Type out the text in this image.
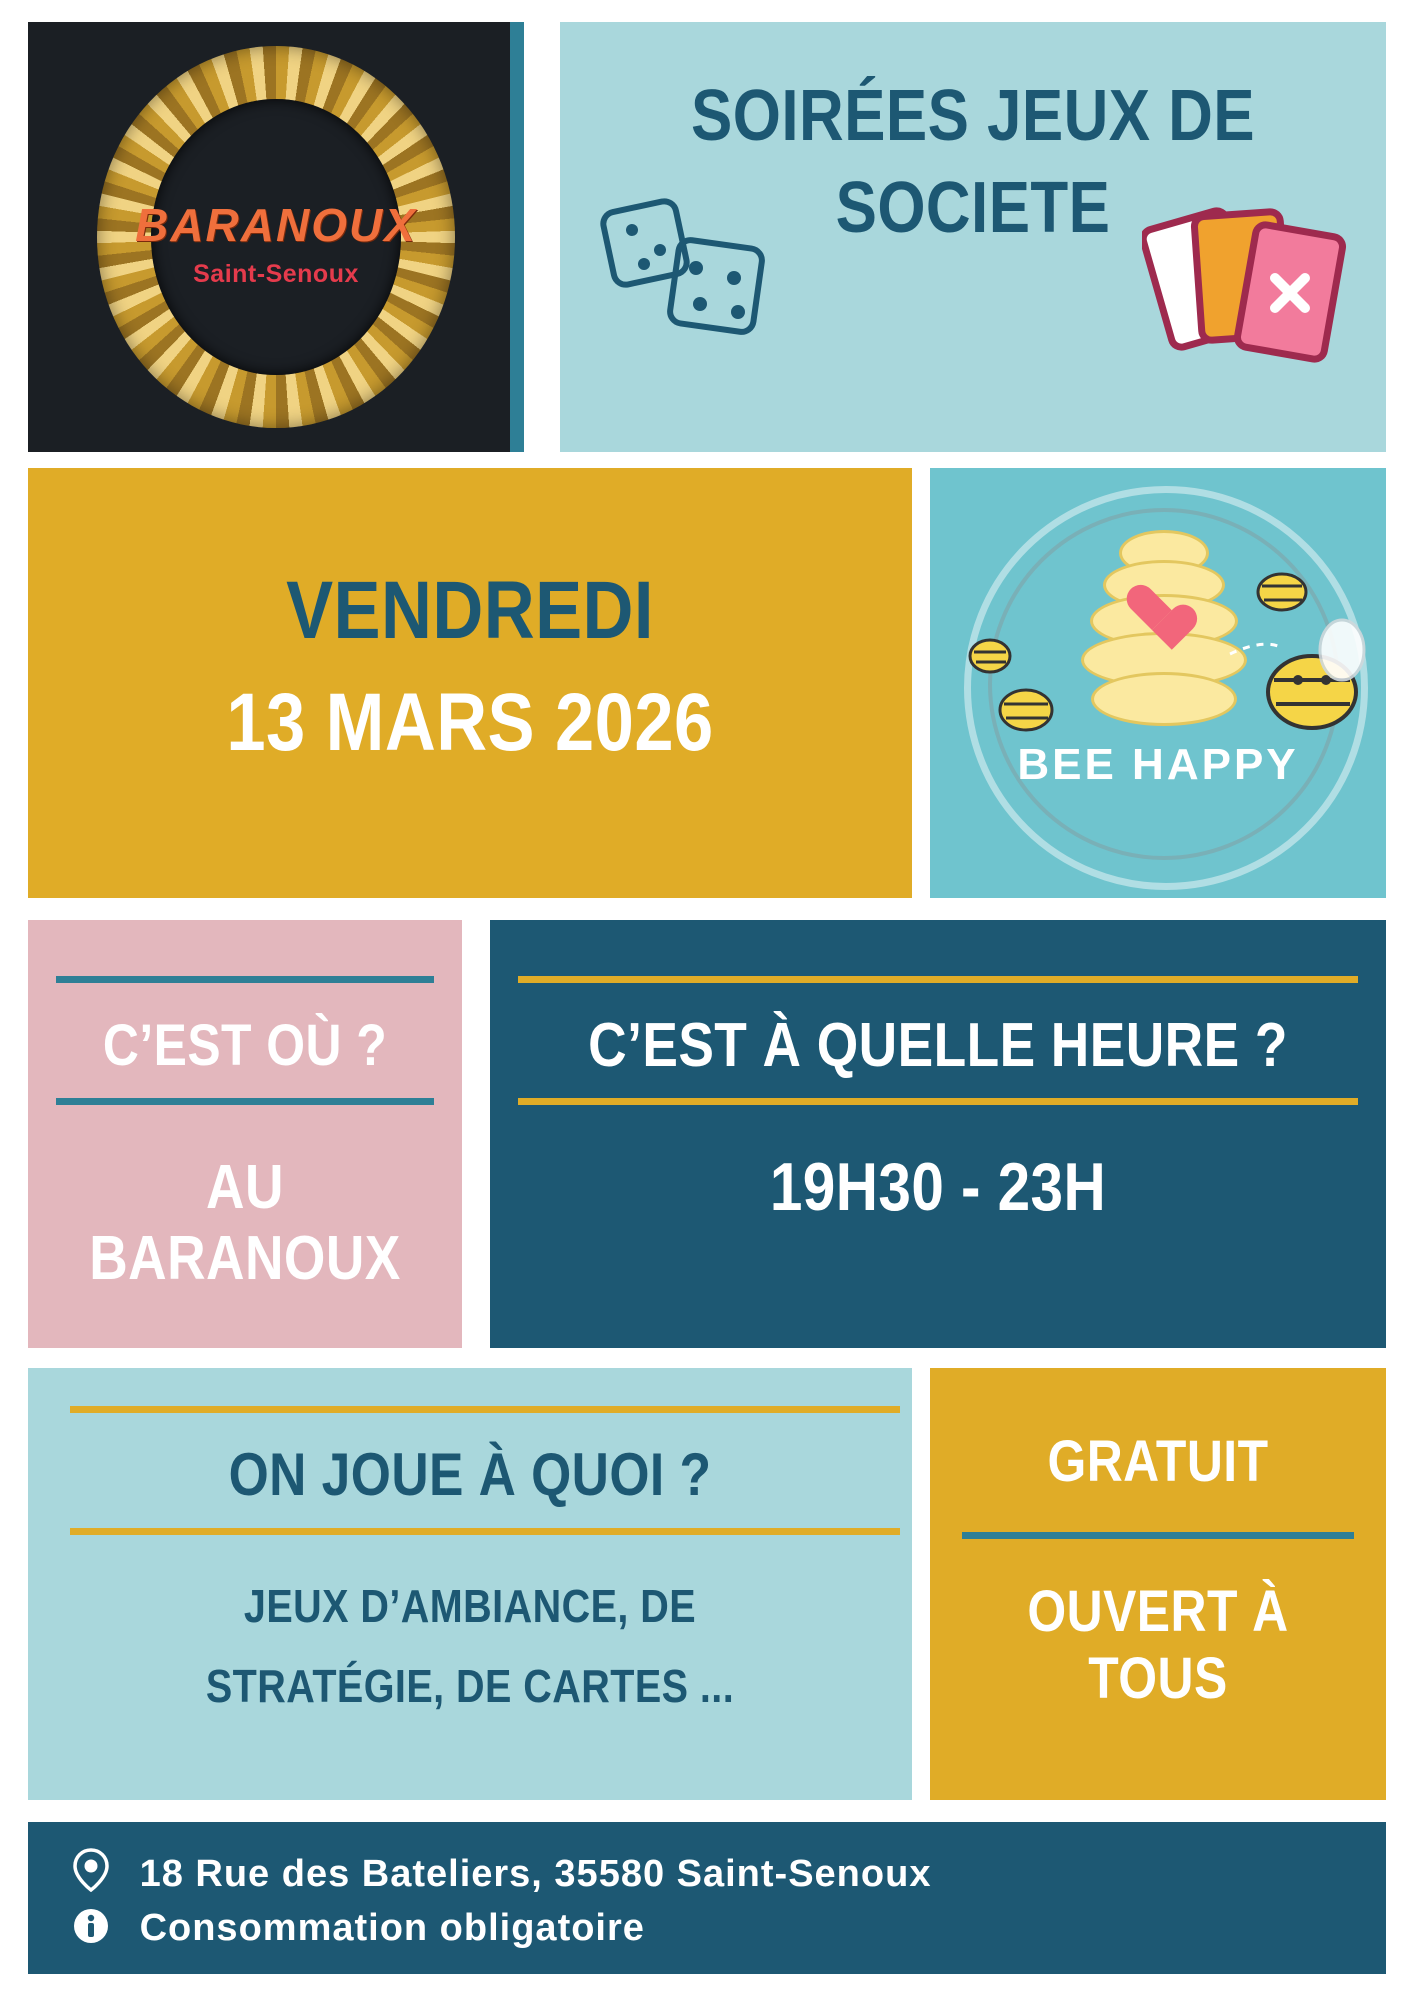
BARANOUX
Saint-Senoux
SOIRÉES JEUX DE SOCIETE
VENDREDI
13 MARS 2026	BEE HAPPY
C’EST OÙ ?
AU BARANOUX
C’EST À QUELLE HEURE ?
19H30 - 23H
ON JOUE À QUOI ?
JEUX D’AMBIANCE, DE STRATÉGIE, DE CARTES ...
GRATUIT
OUVERT À TOUS
18 Rue des Bateliers, 35580 Saint-Senoux
Consommation obligatoire
